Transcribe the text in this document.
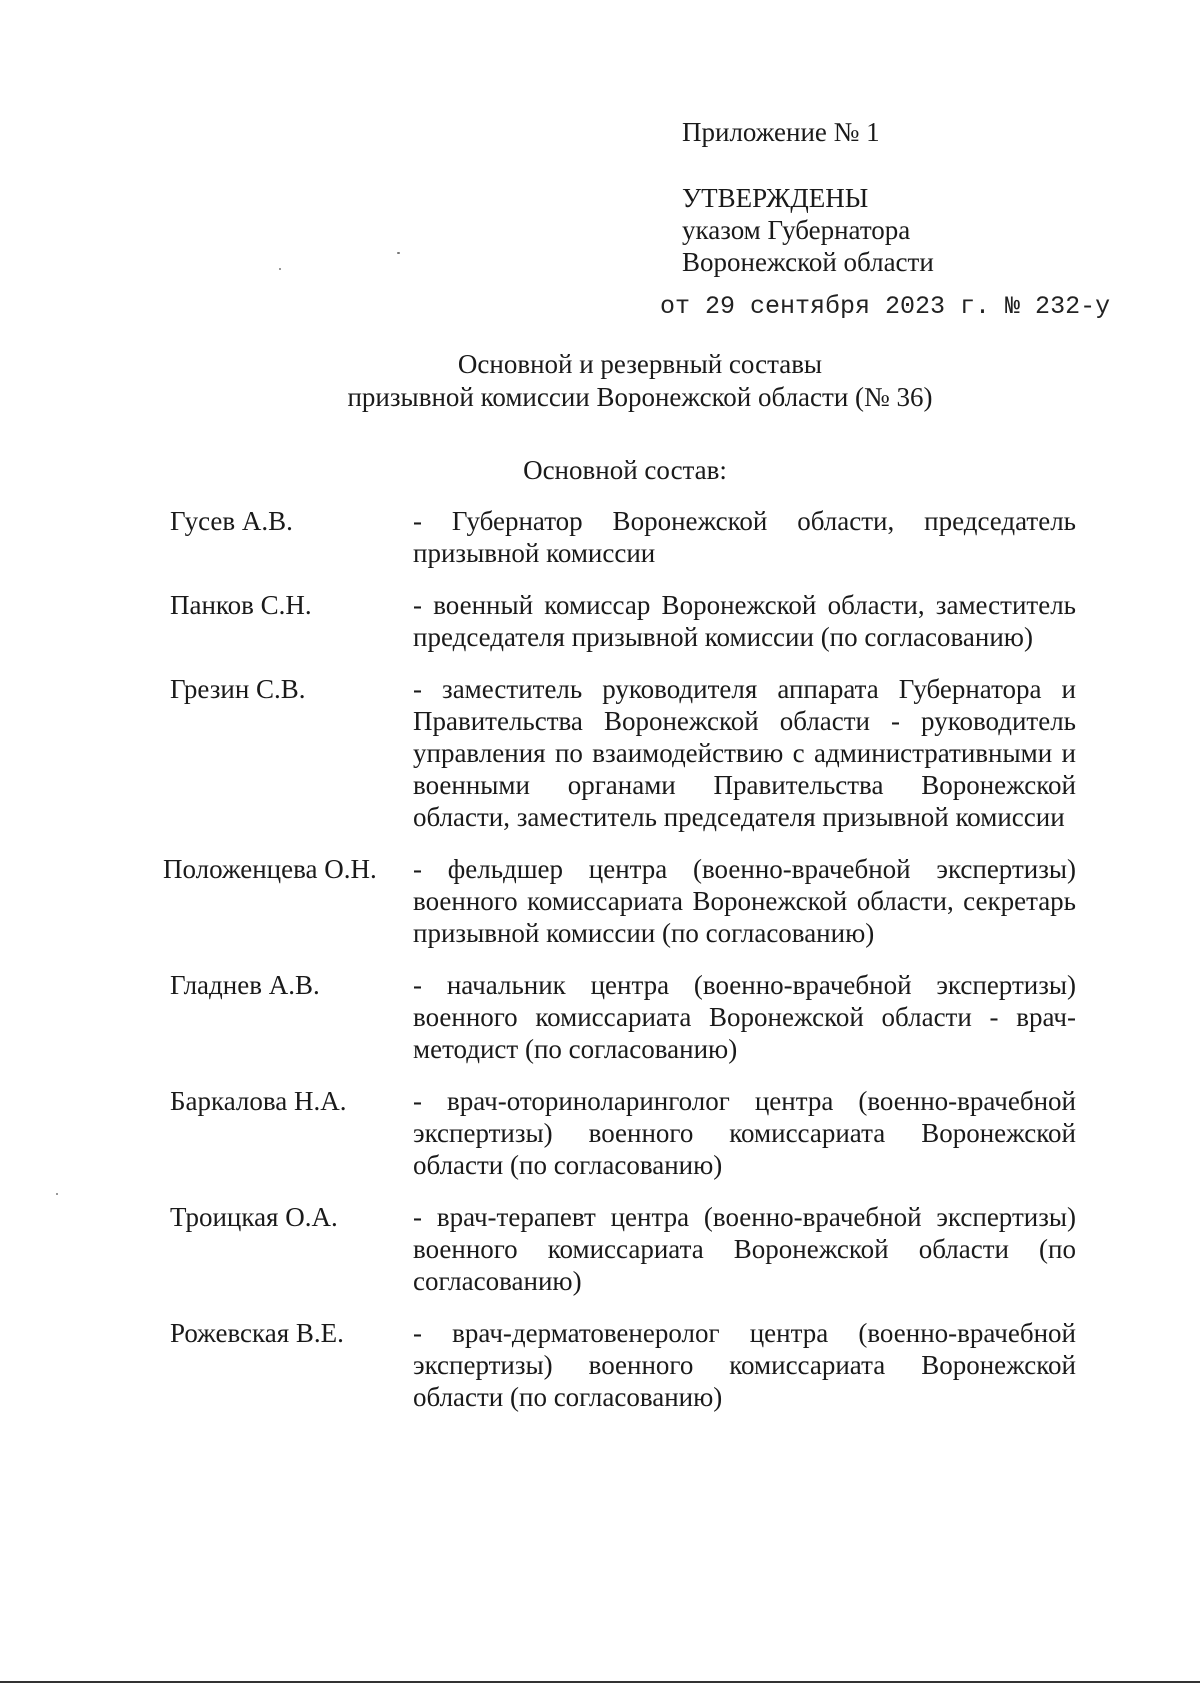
Приложение № 1
УТВЕРЖДЕНЫ
указом Губернатора
Воронежской области
от 29 сентября 2023 г. № 232-у
Основной и резервный составы
призывной комиссии Воронежской области (№ 36)
Основной состав:
Гусев А.В.	- Губернатор Воронежской области, председатель призывной комиссии
Панков С.Н.	- военный комиссар Воронежской области, заместитель председателя призывной комиссии (по согласованию)
Грезин С.В.	- заместитель руководителя аппарата Губернатора и Правительства Воронежской области - руководитель управления по взаимодействию с административными и военными органами Правительства Воронежской области, заместитель председателя призывной комиссии
Положенцева О.Н. - фельдшер центра (военно-врачебной экспертизы) военного комиссариата Воронежской области, секретарь призывной комиссии (по согласованию)
Гладнев А.В.	- начальник центра (военно-врачебной экспертизы) военного комиссариата Воронежской области - врач-методист (по согласованию)
Баркалова Н.А. - врач-оториноларинголог центра (военно-врачебной экспертизы) военного комиссариата Воронежской области (по согласованию)
Троицкая О.А.	- врач-терапевт центра (военно-врачебной экспертизы) военного комиссариата Воронежской области (по согласованию)
Рожевская В.Е.	- врач-дерматовенеролог центра (военно-врачебной экспертизы) военного комиссариата Воронежской области (по согласованию)
